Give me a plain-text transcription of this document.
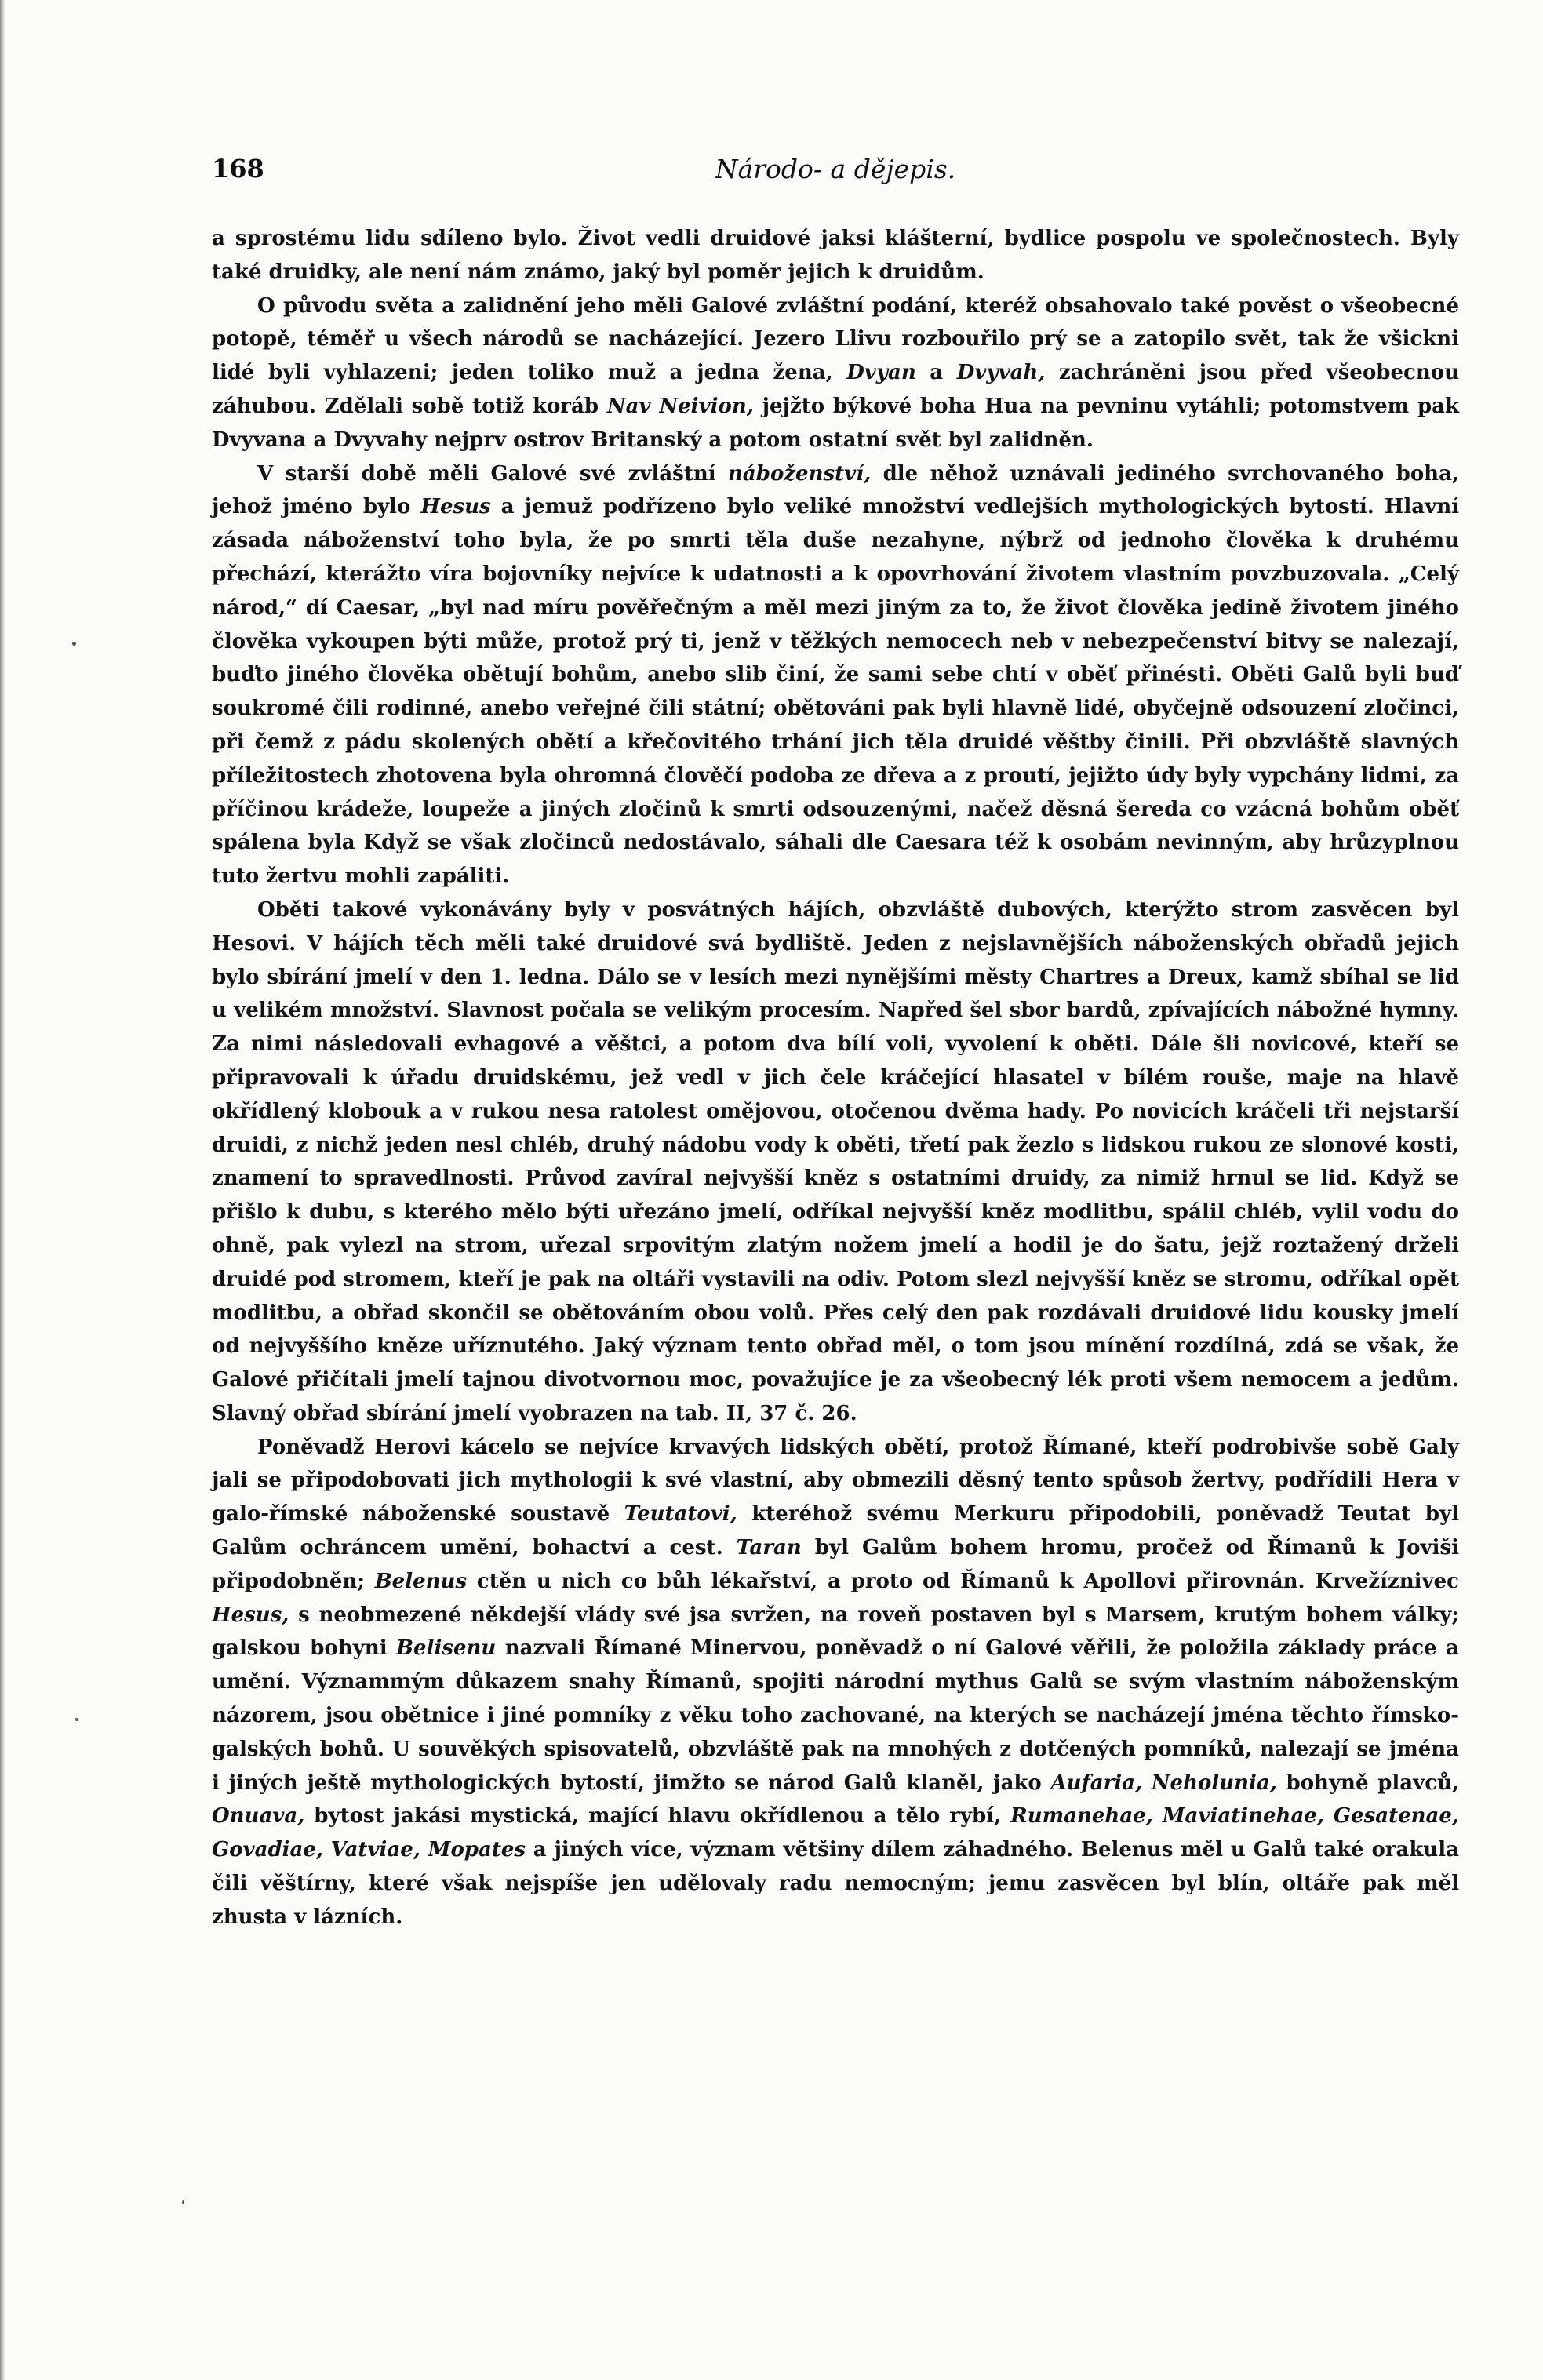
168	Národo- a dějepis.

a sprostému lidu sdíleno bylo. Život vedli druidové jaksi klášterní, bydlice pospolu ve společnostech. Byly také druidky, ale není nám známo, jaký byl poměr jejich k druidům.

O původu světa a zalidnění jeho měli Galové zvláštní podání, kteréž obsahovalo také pověst o všeobecné potopě, téměř u všech národů se nacházející. Jezero Llivu rozbouřilo prý se a zatopilo svět, tak že všickni lidé byli vyhlazeni; jeden toliko muž a jedna žena, Dvyan a Dvyvah, zachráněni jsou před všeobecnou záhubou. Zdělali sobě totiž koráb Nav Neivion, jejžto býkové boha Hua na pevninu vytáhli; potomstvem pak Dvyvana a Dvyvahy nejprv ostrov Britanský a potom ostatní svět byl zalidněn.

V starší době měli Galové své zvláštní náboženství, dle něhož uznávali jediného svrchovaného boha, jehož jméno bylo Hesus a jemuž podřízeno bylo veliké množství vedlejších mythologických bytostí. Hlavní zásada náboženství toho byla, že po smrti těla duše nezahyne, nýbrž od jednoho člověka k druhému přechází, kterážto víra bojovníky nejvíce k udatnosti a k opovrhování životem vlastním povzbuzovala. „Celý národ,“ dí Caesar, „byl nad míru pověřečným a měl mezi jiným za to, že život člověka jedině životem jiného člověka vykoupen býti může, protož prý ti, jenž v těžkých nemocech neb v nebezpečenství bitvy se nalezají, buďto jiného člověka obětují bohům, anebo slib činí, že sami sebe chtí v oběť přinésti. Oběti Galů byli buď soukromé čili rodinné, anebo veřejné čili státní; obětováni pak byli hlavně lidé, obyčejně odsouzení zločinci, při čemž z pádu skolených obětí a křečovitého trhání jich těla druidé věštby činili. Při obzvláště slavných příležitostech zhotovena byla ohromná člověčí podoba ze dřeva a z proutí, jejižto údy byly vypchány lidmi, za příčinou krádeže, loupeže a jiných zločinů k smrti odsouzenými, načež děsná šereda co vzácná bohům oběť spálena byla Když se však zločinců nedostávalo, sáhali dle Caesara též k osobám nevinným, aby hrůzyplnou tuto žertvu mohli zapáliti.

Oběti takové vykonávány byly v posvátných hájích, obzvláště dubových, kterýžto strom zasvěcen byl Hesovi. V hájích těch měli také druidové svá bydliště. Jeden z nejslavnějších náboženských obřadů jejich bylo sbírání jmelí v den 1. ledna. Dálo se v lesích mezi nynějšími městy Chartres a Dreux, kamž sbíhal se lid u velikém množství. Slavnost počala se velikým procesím. Napřed šel sbor bardů, zpívajících nábožné hymny. Za nimi následovali evhagové a věštci, a potom dva bílí voli, vyvolení k oběti. Dále šli novicové, kteří se připravovali k úřadu druidskému, jež vedl v jich čele kráčející hlasatel v bílém rouše, maje na hlavě okřídlený klobouk a v rukou nesa ratolest omějovou, otočenou dvěma hady. Po novicích kráčeli tři nejstarší druidi, z nichž jeden nesl chléb, druhý nádobu vody k oběti, třetí pak žezlo s lidskou rukou ze slonové kosti, znamení to spravedlnosti. Průvod zavíral nejvyšší kněz s ostatními druidy, za nimiž hrnul se lid. Když se přišlo k dubu, s kterého mělo býti uřezáno jmelí, odříkal nejvyšší kněz modlitbu, spálil chléb, vylil vodu do ohně, pak vylezl na strom, uřezal srpovitým zlatým nožem jmelí a hodil je do šatu, jejž roztažený drželi druidé pod stromem, kteří je pak na oltáři vystavili na odiv. Potom slezl nejvyšší kněz se stromu, odříkal opět modlitbu, a obřad skončil se obětováním obou volů. Přes celý den pak rozdávali druidové lidu kousky jmelí od nejvyššího kněze uříznutého. Jaký význam tento obřad měl, o tom jsou mínění rozdílná, zdá se však, že Galové přičítali jmelí tajnou divotvornou moc, považujíce je za všeobecný lék proti všem nemocem a jedům. Slavný obřad sbírání jmelí vyobrazen na tab. II, 37 č. 26.

Poněvadž Herovi kácelo se nejvíce krvavých lidských obětí, protož Římané, kteří podrobivše sobě Galy jali se připodobovati jich mythologii k své vlastní, aby obmezili děsný tento spůsob žertvy, podřídili Hera v galo-římské náboženské soustavě Teutatovi, kteréhož svému Merkuru připodobili, poněvadž Teutat byl Galům ochráncem umění, bohactví a cest. Taran byl Galům bohem hromu, pročež od Římanů k Joviši připodobněn; Belenus ctěn u nich co bůh lékařství, a proto od Římanů k Apollovi přirovnán. Krvežíznivec Hesus, s neobmezené někdejší vlády své jsa svržen, na roveň postaven byl s Marsem, krutým bohem války; galskou bohyni Belisenu nazvali Římané Minervou, poněvadž o ní Galové věřili, že položila základy práce a umění. Význammým důkazem snahy Římanů, spojiti národní mythus Galů se svým vlastním náboženským názorem, jsou obětnice i jiné pomníky z věku toho zachované, na kterých se nacházejí jména těchto římsko-galských bohů. U souvěkých spisovatelů, obzvláště pak na mnohých z dotčených pomníků, nalezají se jména i jiných ještě mythologických bytostí, jimžto se národ Galů klaněl, jako Aufaria, Neholunia, bohyně plavců, Onuava, bytost jakási mystická, mající hlavu okřídlenou a tělo rybí, Rumanehae, Maviatinehae, Gesatenae, Govadiae, Vatviae, Mopates a jiných více, význam většiny dílem záhadného. Belenus měl u Galů také orakula čili věštírny, které však nejspíše jen udělovaly radu nemocným; jemu zasvěcen byl blín, oltáře pak měl zhusta v lázních.
